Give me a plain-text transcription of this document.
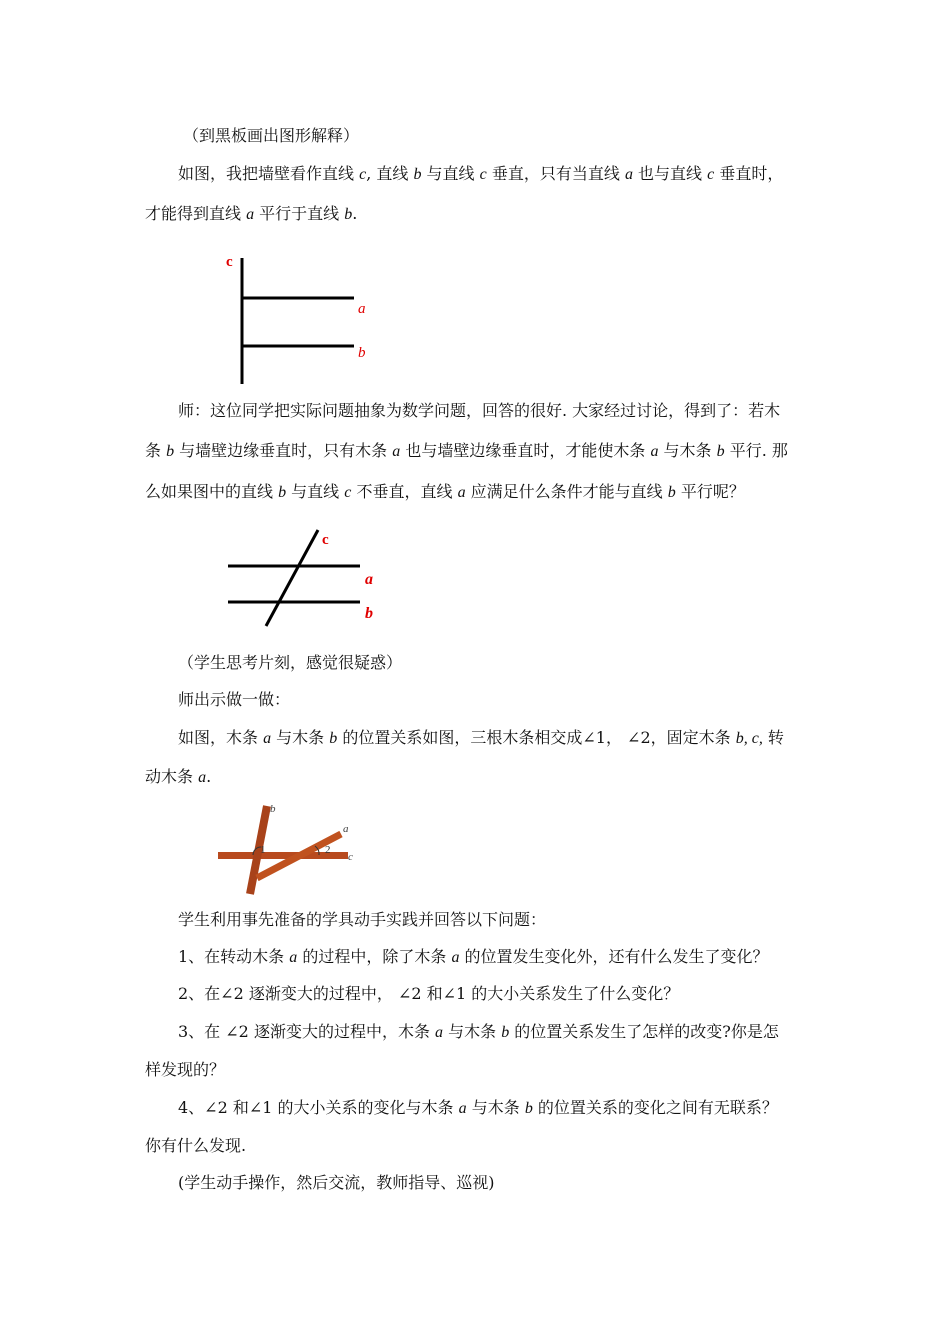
（到黑板画出图形解释）
如图，我把墙壁看作直线 c, 直线 b 与直线 c 垂直，只有当直线 a 也与直线 c 垂直时，
才能得到直线 a 平行于直线 b.
c
a
b
师：这位同学把实际问题抽象为数学问题，回答的很好. 大家经过讨论，得到了：若木
条 b 与墙壁边缘垂直时，只有木条 a 也与墙壁边缘垂直时，才能使木条 a 与木条 b 平行. 那
么如果图中的直线 b 与直线 c 不垂直，直线 a 应满足什么条件才能与直线 b 平行呢？
c
a
b
（学生思考片刻，感觉很疑惑）
师出示做一做：
如图，木条 a 与木条 b 的位置关系如图，三根木条相交成∠1， ∠2，固定木条 b, c, 转
动木条 a.
b
a
c
1	2
学生利用事先准备的学具动手实践并回答以下问题：
1、在转动木条 a 的过程中，除了木条 a 的位置发生变化外，还有什么发生了变化？
2、在∠2 逐渐变大的过程中， ∠2 和∠1 的大小关系发生了什么变化？
3、在 ∠2 逐渐变大的过程中，木条 a 与木条 b 的位置关系发生了怎样的改变?你是怎
样发现的？
4、∠2 和∠1 的大小关系的变化与木条 a 与木条 b 的位置关系的变化之间有无联系？
你有什么发现.
(学生动手操作，然后交流，教师指导、巡视)
